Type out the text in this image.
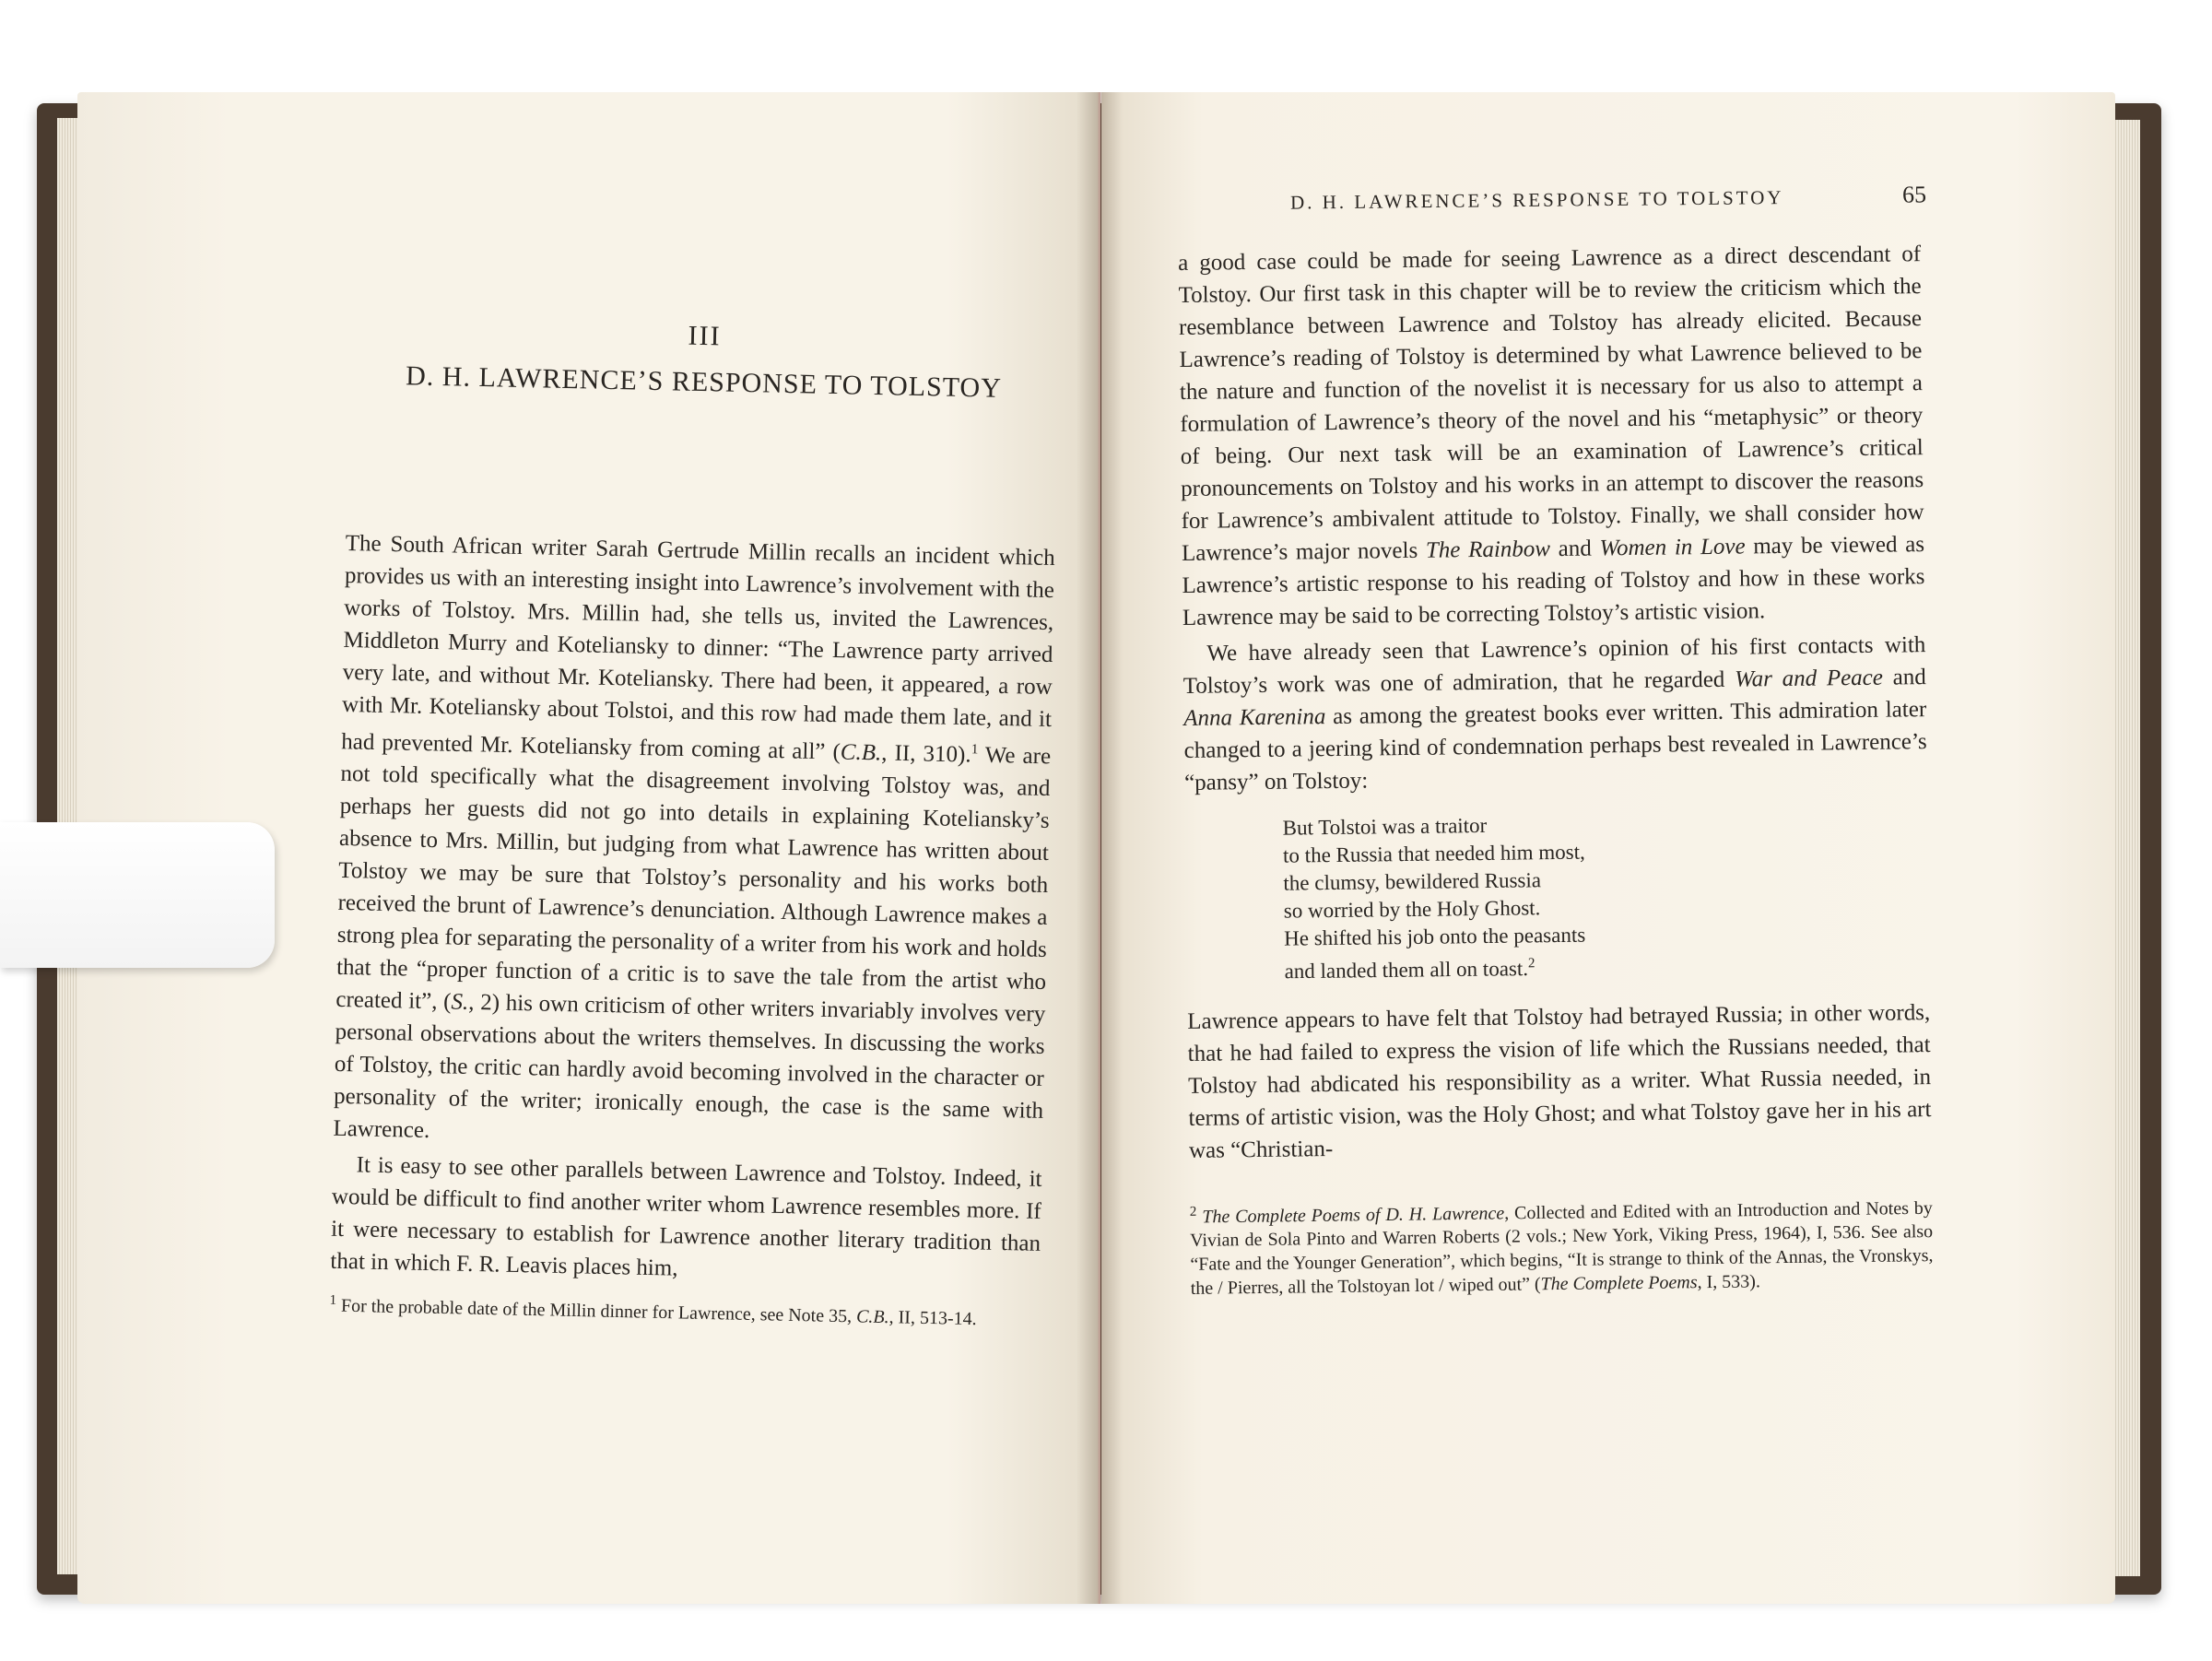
III
D. H. LAWRENCE’S RESPONSE TO TOLSTOY

The South African writer Sarah Gertrude Millin recalls an incident which provides us with an interesting insight into Lawrence’s involvement with the works of Tolstoy. Mrs. Millin had, she tells us, invited the Lawrences, Middleton Murry and Koteliansky to dinner: “The Lawrence party arrived very late, and without Mr. Koteliansky. There had been, it appeared, a row with Mr. Koteliansky about Tolstoi, and this row had made them late, and it had prevented Mr. Koteliansky from coming at all” (C.B., II, 310).$^1$ We are not told specifically what the disagreement involving Tolstoy was, and perhaps her guests did not go into details in explaining Koteliansky’s absence to Mrs. Millin, but judging from what Lawrence has written about Tolstoy we may be sure that Tolstoy’s personality and his works both received the brunt of Lawrence’s denunciation. Although Lawrence makes a strong plea for separating the personality of a writer from his work and holds that the “proper function of a critic is to save the tale from the artist who created it”, (S., 2) his own criticism of other writers invariably involves very personal observations about the writers themselves. In discussing the works of Tolstoy, the critic can hardly avoid becoming involved in the character or personality of the writer; ironically enough, the case is the same with Lawrence.

It is easy to see other parallels between Lawrence and Tolstoy. Indeed, it would be difficult to find another writer whom Lawrence resembles more. If it were necessary to establish for Lawrence another literary tradition than that in which F. R. Leavis places him,

$^1$ For the probable date of the Millin dinner for Lawrence, see Note 35, C.B., II, 513-14.
D. H. LAWRENCE’S RESPONSE TO TOLSTOY	65

a good case could be made for seeing Lawrence as a direct descendant of Tolstoy. Our first task in this chapter will be to review the criticism which the resemblance between Lawrence and Tolstoy has already elicited. Because Lawrence’s reading of Tolstoy is determined by what Lawrence believed to be the nature and function of the novelist it is necessary for us also to attempt a formulation of Lawrence’s theory of the novel and his “metaphysic” or theory of being. Our next task will be an examination of Lawrence’s critical pronouncements on Tolstoy and his works in an attempt to discover the reasons for Lawrence’s ambivalent attitude to Tolstoy. Finally, we shall consider how Lawrence’s major novels The Rainbow and Women in Love may be viewed as Lawrence’s artistic response to his reading of Tolstoy and how in these works Lawrence may be said to be correcting Tolstoy’s artistic vision.

We have already seen that Lawrence’s opinion of his first contacts with Tolstoy’s work was one of admiration, that he regarded War and Peace and Anna Karenina as among the greatest books ever written. This admiration later changed to a jeering kind of condemnation perhaps best revealed in Lawrence’s “pansy” on Tolstoy:

But Tolstoi was a traitor
to the Russia that needed him most,
the clumsy, bewildered Russia
so worried by the Holy Ghost.
He shifted his job onto the peasants
and landed them all on toast.$^2$

Lawrence appears to have felt that Tolstoy had betrayed Russia; in other words, that he had failed to express the vision of life which the Russians needed, that Tolstoy had abdicated his responsibility as a writer. What Russia needed, in terms of artistic vision, was the Holy Ghost; and what Tolstoy gave her in his art was “Christian-

$^2$ The Complete Poems of D. H. Lawrence, Collected and Edited with an Introduction and Notes by Vivian de Sola Pinto and Warren Roberts (2 vols.; New York, Viking Press, 1964), I, 536. See also “Fate and the Younger Generation”, which begins, “It is strange to think of the Annas, the Vronskys, the / Pierres, all the Tolstoyan lot / wiped out” (The Complete Poems, I, 533).
